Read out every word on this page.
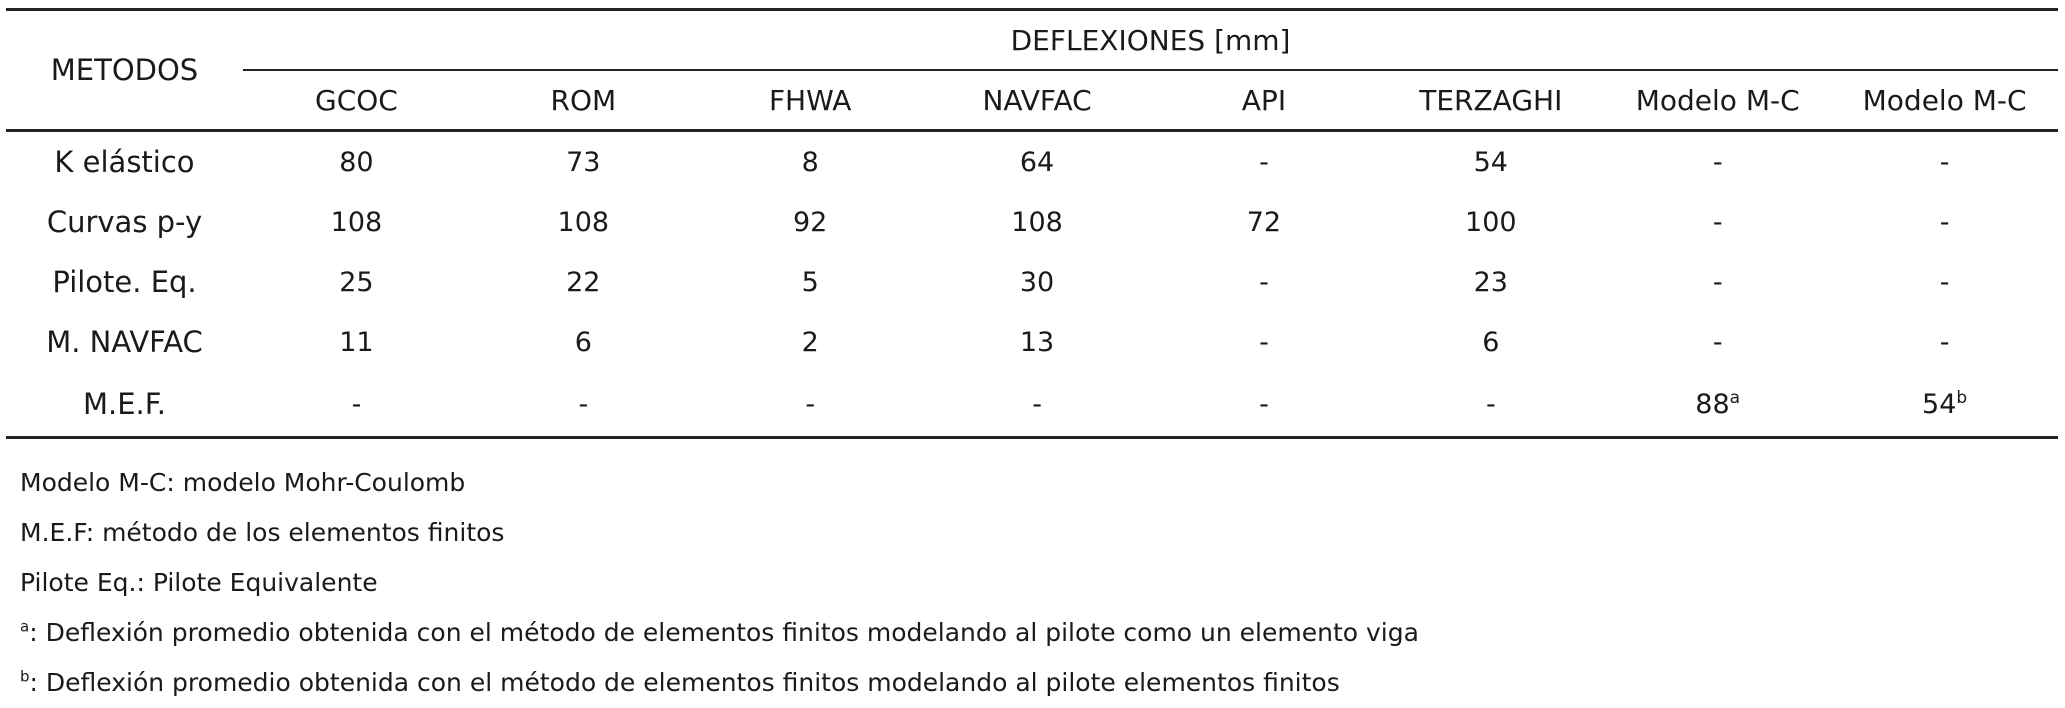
METODOS	DEFLEXIONES [mm]							
	GCOC	ROM	FHWA	NAVFAC	API	TERZAGHI	Modelo M-C	Modelo M-C
K elástico	80	73	8	64	-	54	-	-
Curvas p-y	108	108	92	108	72	100	-	-
Pilote. Eq.	25	22	5	30	-	23	-	-
M. NAVFAC	11	6	2	13	-	6	-	-
M.E.F.	-	-	-	-	-	-	88$^a$	54$^b$
Modelo M-C: modelo Mohr-Coulomb
M.E.F: método de los elementos finitos
Pilote Eq.: Pilote Equivalente
$^a$: Deflexión promedio obtenida con el método de elementos finitos modelando al pilote como un elemento viga
$^b$: Deflexión promedio obtenida con el método de elementos finitos modelando al pilote elementos finitos
